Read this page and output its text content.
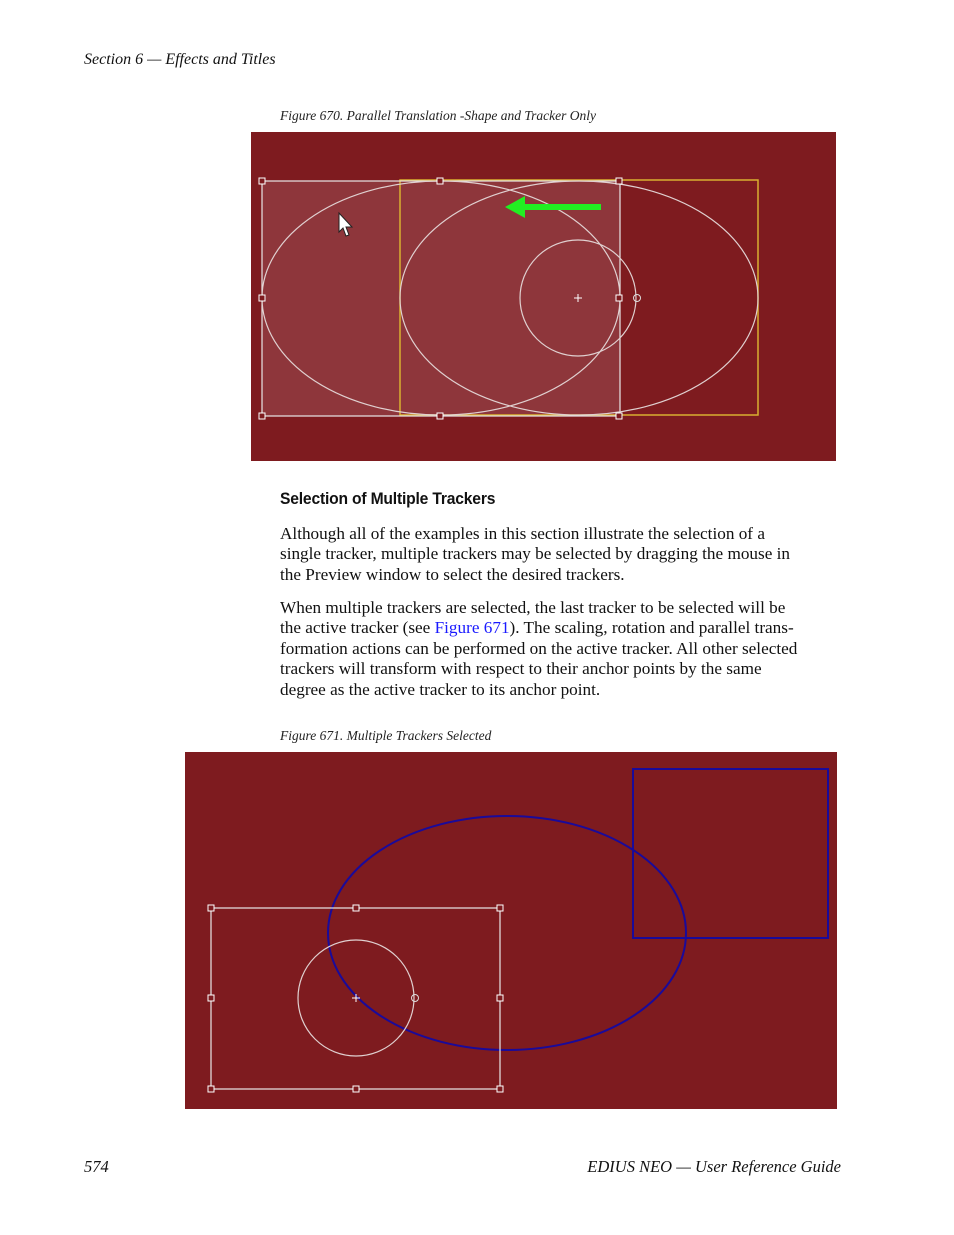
Section 6 — Effects and Titles
Figure 670. Parallel Translation -Shape and Tracker Only
Selection of Multiple Trackers

Although all of the examples in this section illustrate the selection of a

single tracker, multiple trackers may be selected by dragging the mouse in

the Preview window to select the desired trackers.

When multiple trackers are selected, the last tracker to be selected will be

the active tracker (see Figure 671). The scaling, rotation and parallel trans-

formation actions can be performed on the active tracker. All other selected

trackers will transform with respect to their anchor points by the same

degree as the active tracker to its anchor point.

Figure 671. Multiple Trackers Selected
574	EDIUS NEO — User Reference Guide
